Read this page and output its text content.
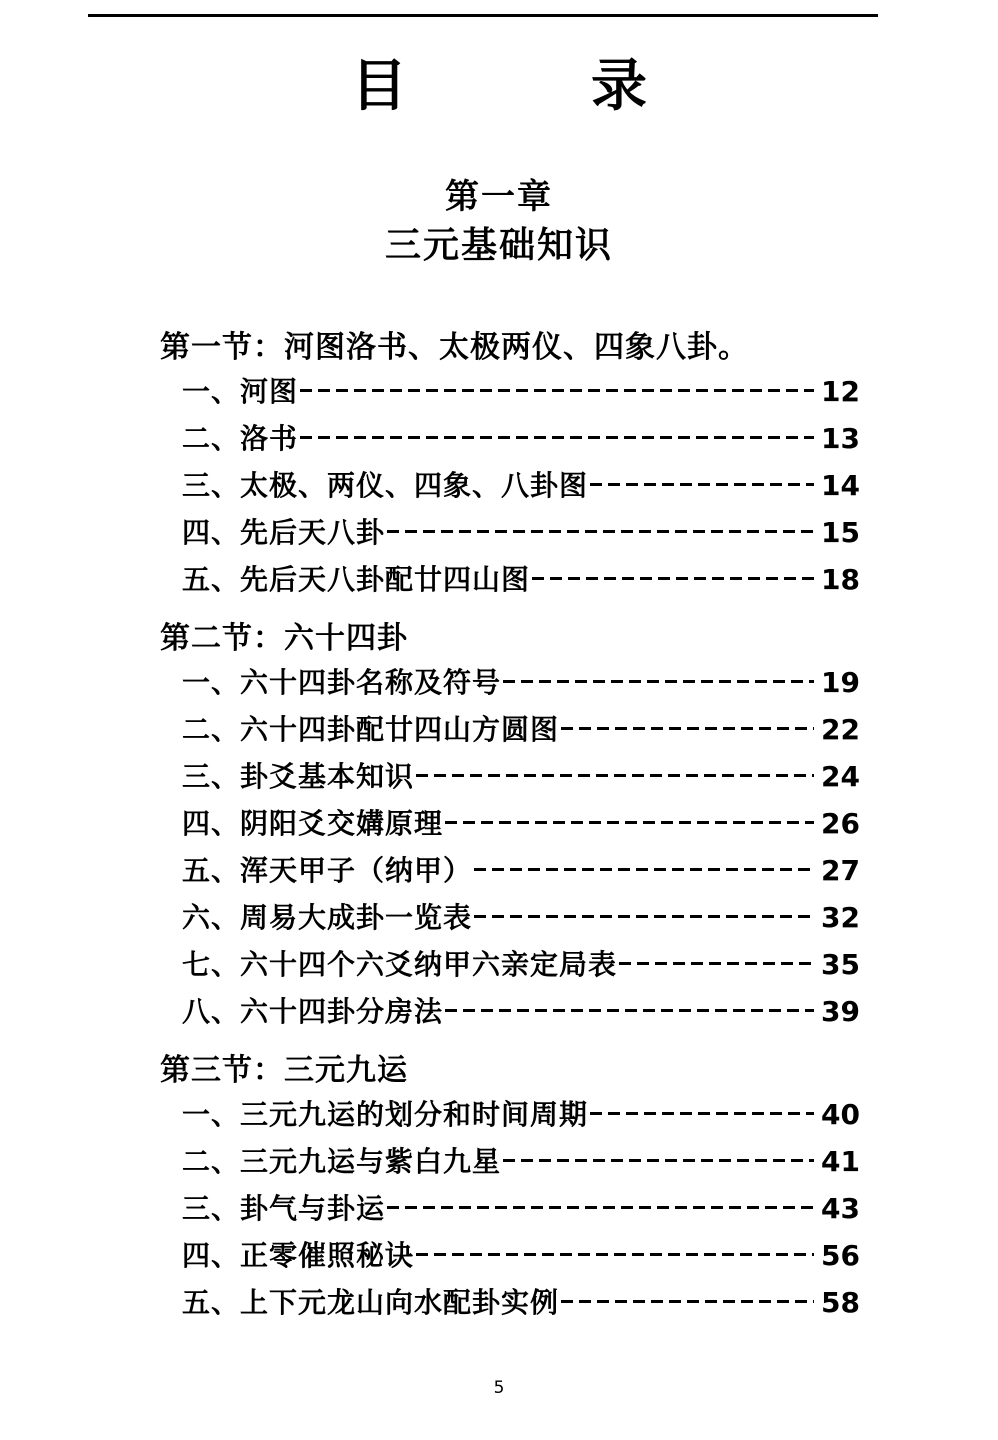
目　　录
第一章
三元基础知识
第一节：河图洛书、太极两仪、四象八卦。
一、河图	12
二、洛书	13
三、太极、两仪、四象、八卦图	14
四、先后天八卦	15
五、先后天八卦配廿四山图	18
第二节：六十四卦
一、六十四卦名称及符号	19
二、六十四卦配廿四山方圆图	22
三、卦爻基本知识	24
四、阴阳爻交媾原理	26
五、浑天甲子（纳甲）	27
六、周易大成卦一览表	32
七、六十四个六爻纳甲六亲定局表	35
八、六十四卦分房法	39
第三节：三元九运
一、三元九运的划分和时间周期	40
二、三元九运与紫白九星	41
三、卦气与卦运	43
四、正零催照秘诀	56
五、上下元龙山向水配卦实例	58
5
